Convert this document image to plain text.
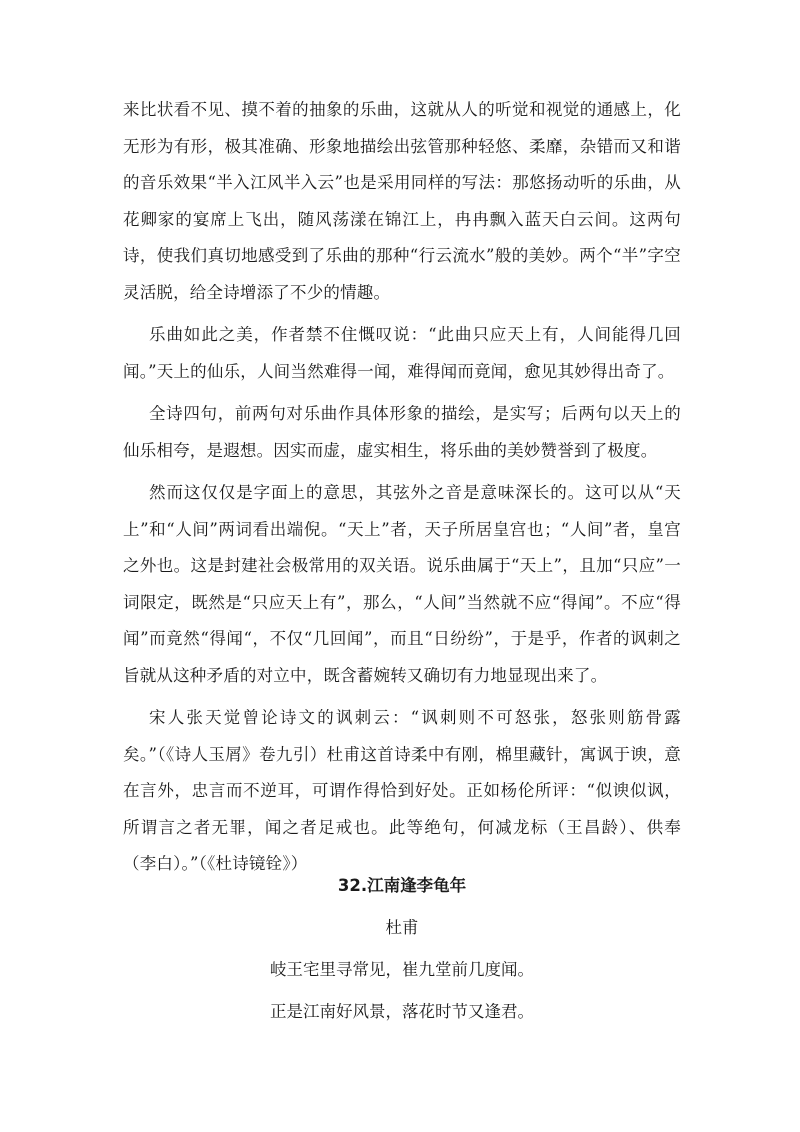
来比状看不见、摸不着的抽象的乐曲，这就从人的听觉和视觉的通感上，化无形为有形，极其准确、形象地描绘出弦管那种轻悠、柔靡，杂错而又和谐的音乐效果“半入江风半入云”也是采用同样的写法：那悠扬动听的乐曲，从花卿家的宴席上飞出，随风荡漾在锦江上，冉冉飘入蓝天白云间。这两句诗，使我们真切地感受到了乐曲的那种“行云流水”般的美妙。两个“半”字空灵活脱，给全诗增添了不少的情趣。

乐曲如此之美，作者禁不住慨叹说：“此曲只应天上有，人间能得几回闻。”天上的仙乐，人间当然难得一闻，难得闻而竟闻，愈见其妙得出奇了。

全诗四句，前两句对乐曲作具体形象的描绘，是实写；后两句以天上的仙乐相夸，是遐想。因实而虚，虚实相生，将乐曲的美妙赞誉到了极度。

然而这仅仅是字面上的意思，其弦外之音是意味深长的。这可以从“天上”和“人间”两词看出端倪。“天上”者，天子所居皇宫也；“人间”者，皇宫之外也。这是封建社会极常用的双关语。说乐曲属于“天上”，且加“只应”一词限定，既然是“只应天上有”，那么，“人间”当然就不应“得闻”。不应“得闻”而竟然“得闻“，不仅“几回闻”，而且“日纷纷”，于是乎，作者的讽刺之旨就从这种矛盾的对立中，既含蓄婉转又确切有力地显现出来了。

宋人张天觉曾论诗文的讽刺云：“讽刺则不可怒张，怒张则筋骨露矣。”（《诗人玉屑》卷九引）杜甫这首诗柔中有刚，棉里藏针，寓讽于谀，意在言外，忠言而不逆耳，可谓作得恰到好处。正如杨伦所评：“似谀似讽，所谓言之者无罪，闻之者足戒也。此等绝句，何减龙标（王昌龄）、供奉（李白）。”（《杜诗镜铨》）

32.江南逢李龟年
杜甫
岐王宅里寻常见，崔九堂前几度闻。
正是江南好风景，落花时节又逢君。
